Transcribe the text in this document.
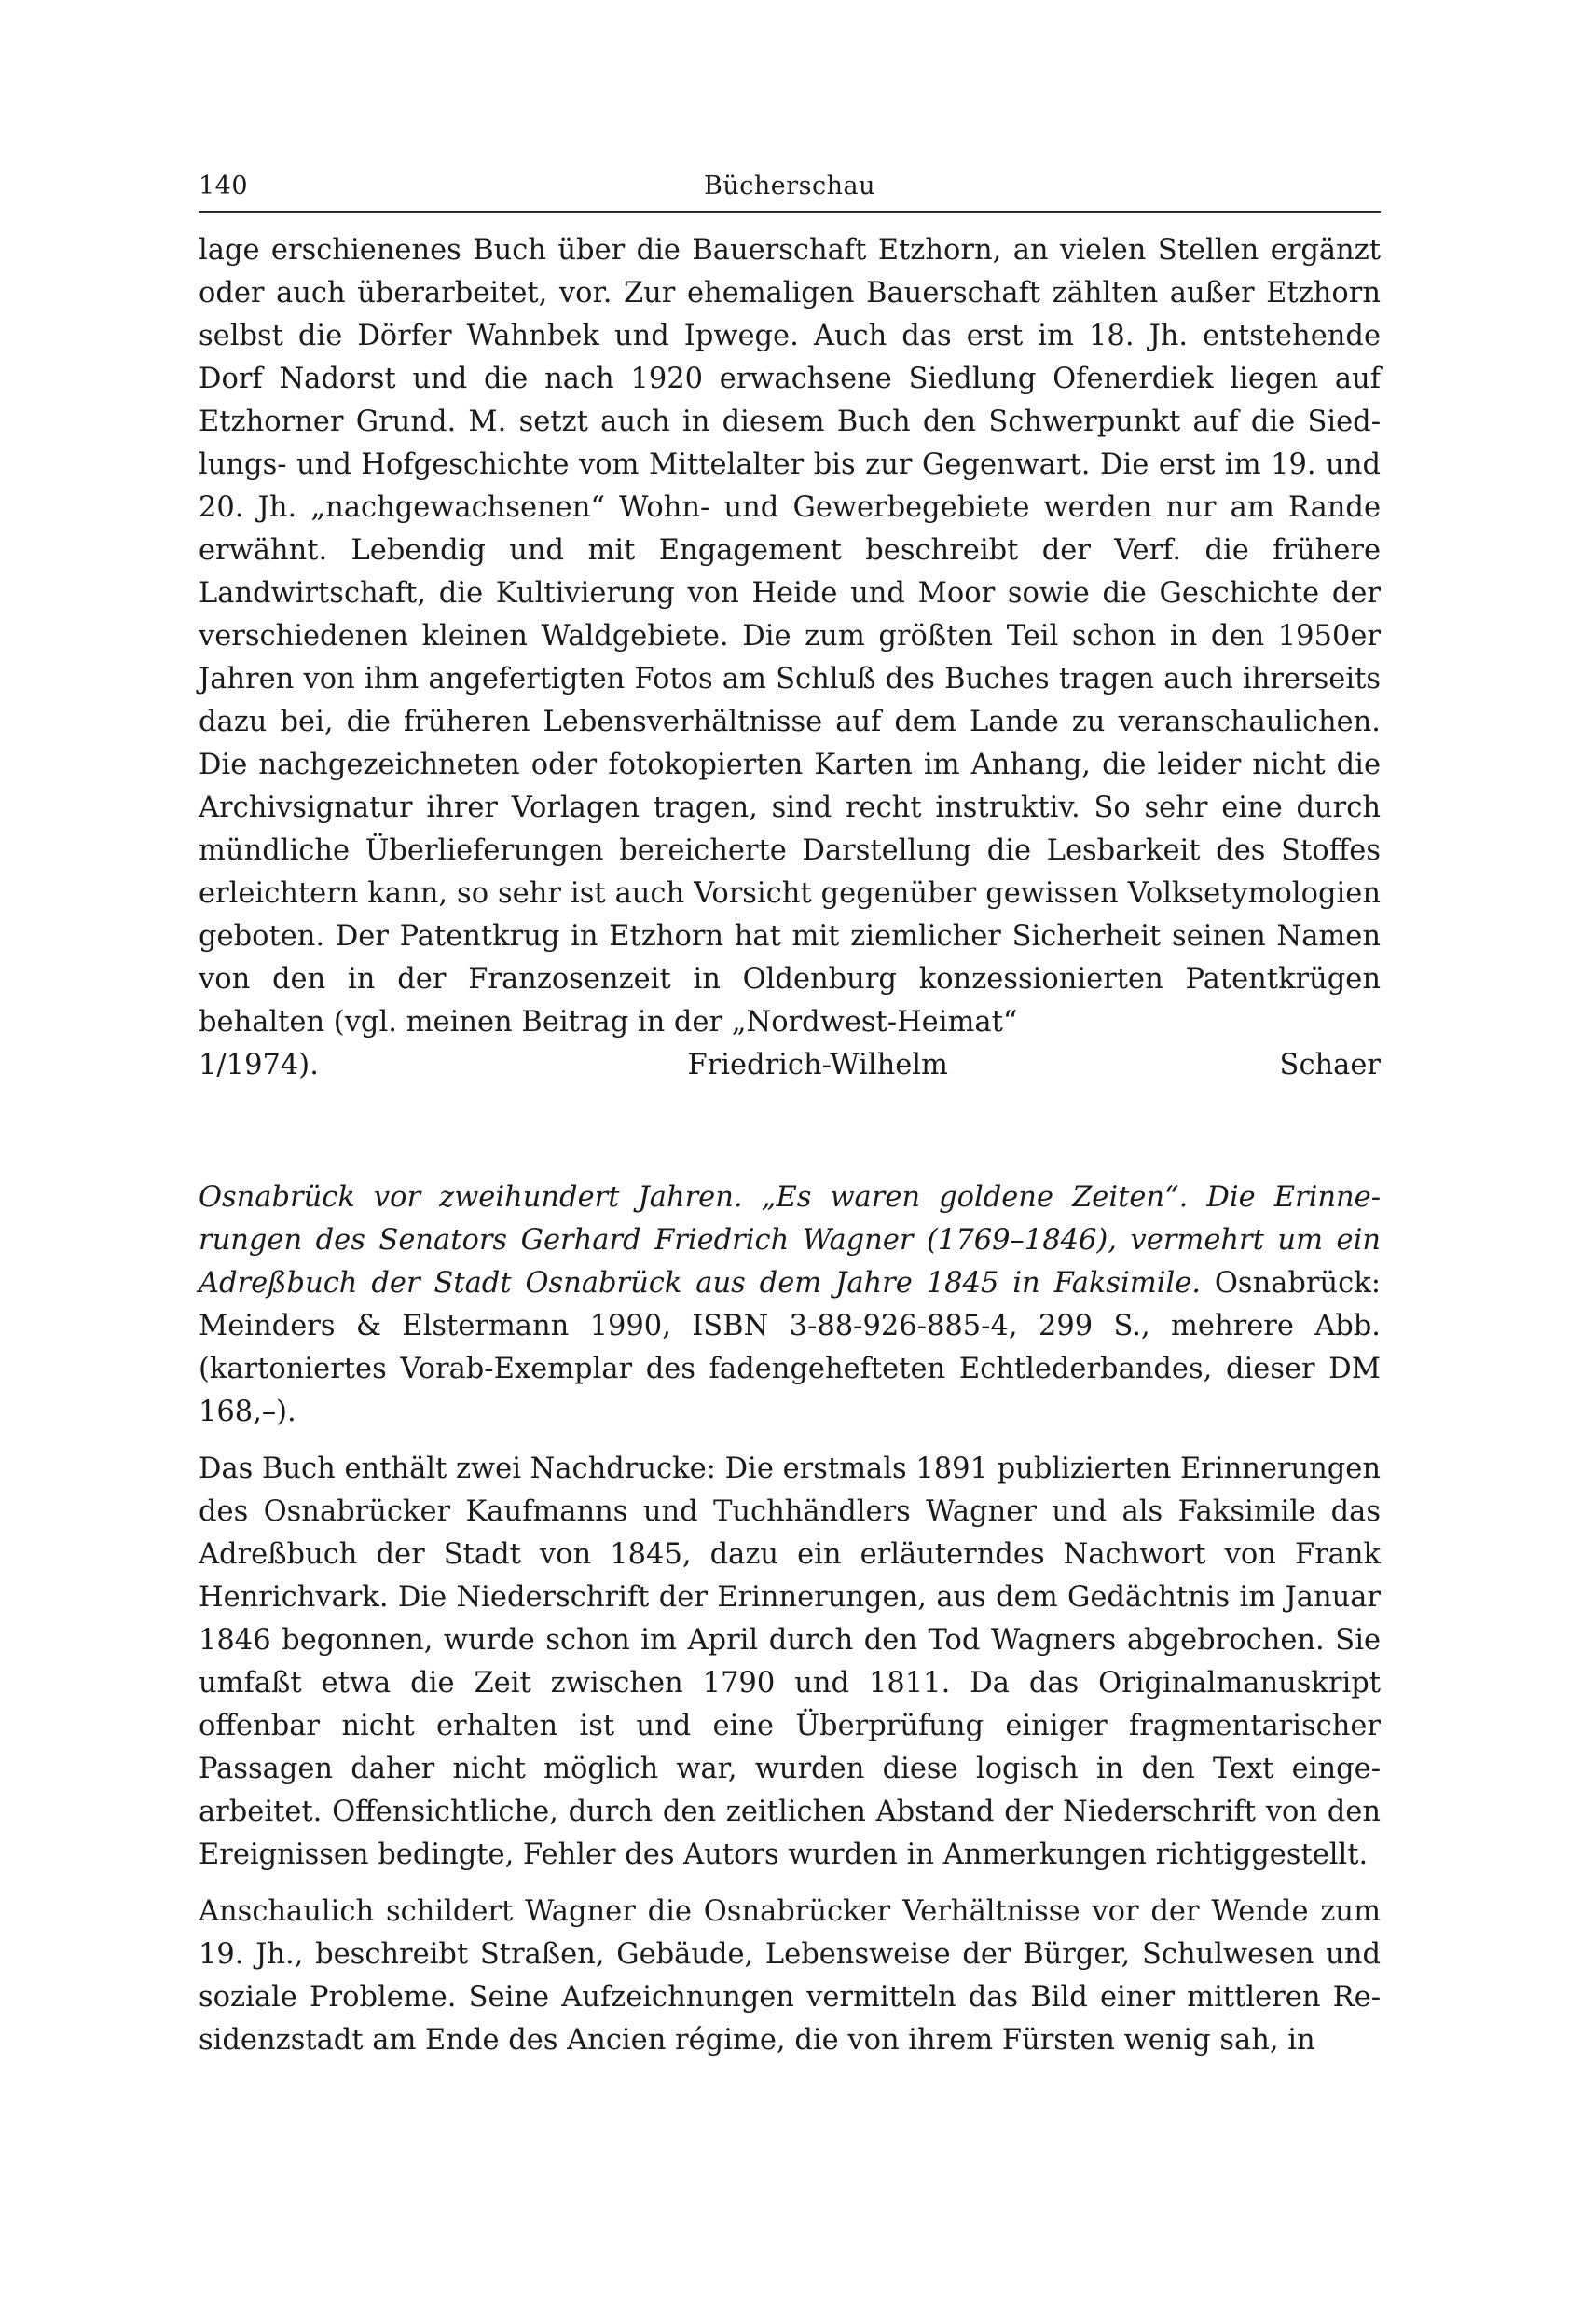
140	Bücherschau
lage erschienenes Buch über die Bauerschaft Etzhorn, an vielen Stellen ergänzt oder auch überarbeitet, vor. Zur ehemaligen Bauerschaft zählten außer Etzhorn selbst die Dörfer Wahnbek und Ipwege. Auch das erst im 18. Jh. entstehende Dorf Nadorst und die nach 1920 erwachsene Siedlung Ofenerdiek liegen auf Etzhorner Grund. M. setzt auch in diesem Buch den Schwerpunkt auf die Siedlungs- und Hofgeschichte vom Mittelalter bis zur Gegenwart. Die erst im 19. und 20. Jh. „nachgewachsenen“ Wohn- und Gewerbegebiete werden nur am Rande erwähnt. Lebendig und mit Engagement beschreibt der Verf. die frühere Landwirtschaft, die Kultivierung von Heide und Moor sowie die Geschichte der verschiedenen kleinen Waldgebiete. Die zum größten Teil schon in den 1950er Jahren von ihm angefertigten Fotos am Schluß des Buches tragen auch ihrerseits dazu bei, die früheren Lebensverhältnisse auf dem Lande zu veranschaulichen. Die nachgezeichneten oder fotokopierten Karten im Anhang, die leider nicht die Archivsignatur ihrer Vorlagen tragen, sind recht instruktiv. So sehr eine durch mündliche Überlieferungen bereicherte Darstellung die Lesbarkeit des Stoffes erleichtern kann, so sehr ist auch Vorsicht gegenüber gewissen Volksetymologien geboten. Der Patentkrug in Etzhorn hat mit ziemlicher Sicherheit seinen Namen von den in der Franzosenzeit in Oldenburg konzessionierten Patentkrügen behalten (vgl. meinen Beitrag in der „Nordwest-Heimat“
1/1974).	Friedrich-Wilhelm Schaer
Osnabrück vor zweihundert Jahren. „Es waren goldene Zeiten“. Die Erinnerungen des Senators Gerhard Friedrich Wagner (1769–1846), vermehrt um ein Adreßbuch der Stadt Osnabrück aus dem Jahre 1845 in Faksimile. Osnabrück: Meinders & Elstermann 1990, ISBN 3-88-926-885-4, 299 S., mehrere Abb. (kartoniertes Vorab-Exemplar des fadengehefteten Echtlederbandes, dieser DM 168,–).
Das Buch enthält zwei Nachdrucke: Die erstmals 1891 publizierten Erinnerungen des Osnabrücker Kaufmanns und Tuchhändlers Wagner und als Faksimile das Adreßbuch der Stadt von 1845, dazu ein erläuterndes Nachwort von Frank Henrichvark. Die Niederschrift der Erinnerungen, aus dem Gedächtnis im Januar 1846 begonnen, wurde schon im April durch den Tod Wagners abgebrochen. Sie umfaßt etwa die Zeit zwischen 1790 und 1811. Da das Originalmanuskript offenbar nicht erhalten ist und eine Überprüfung einiger fragmentarischer Passagen daher nicht möglich war, wurden diese logisch in den Text eingearbeitet. Offensichtliche, durch den zeitlichen Abstand der Niederschrift von den Ereignissen bedingte, Fehler des Autors wurden in Anmerkungen richtiggestellt.
Anschaulich schildert Wagner die Osnabrücker Verhältnisse vor der Wende zum 19. Jh., beschreibt Straßen, Gebäude, Lebensweise der Bürger, Schulwesen und soziale Probleme. Seine Aufzeichnungen vermitteln das Bild einer mittleren Residenzstadt am Ende des Ancien régime, die von ihrem Fürsten wenig sah, in
